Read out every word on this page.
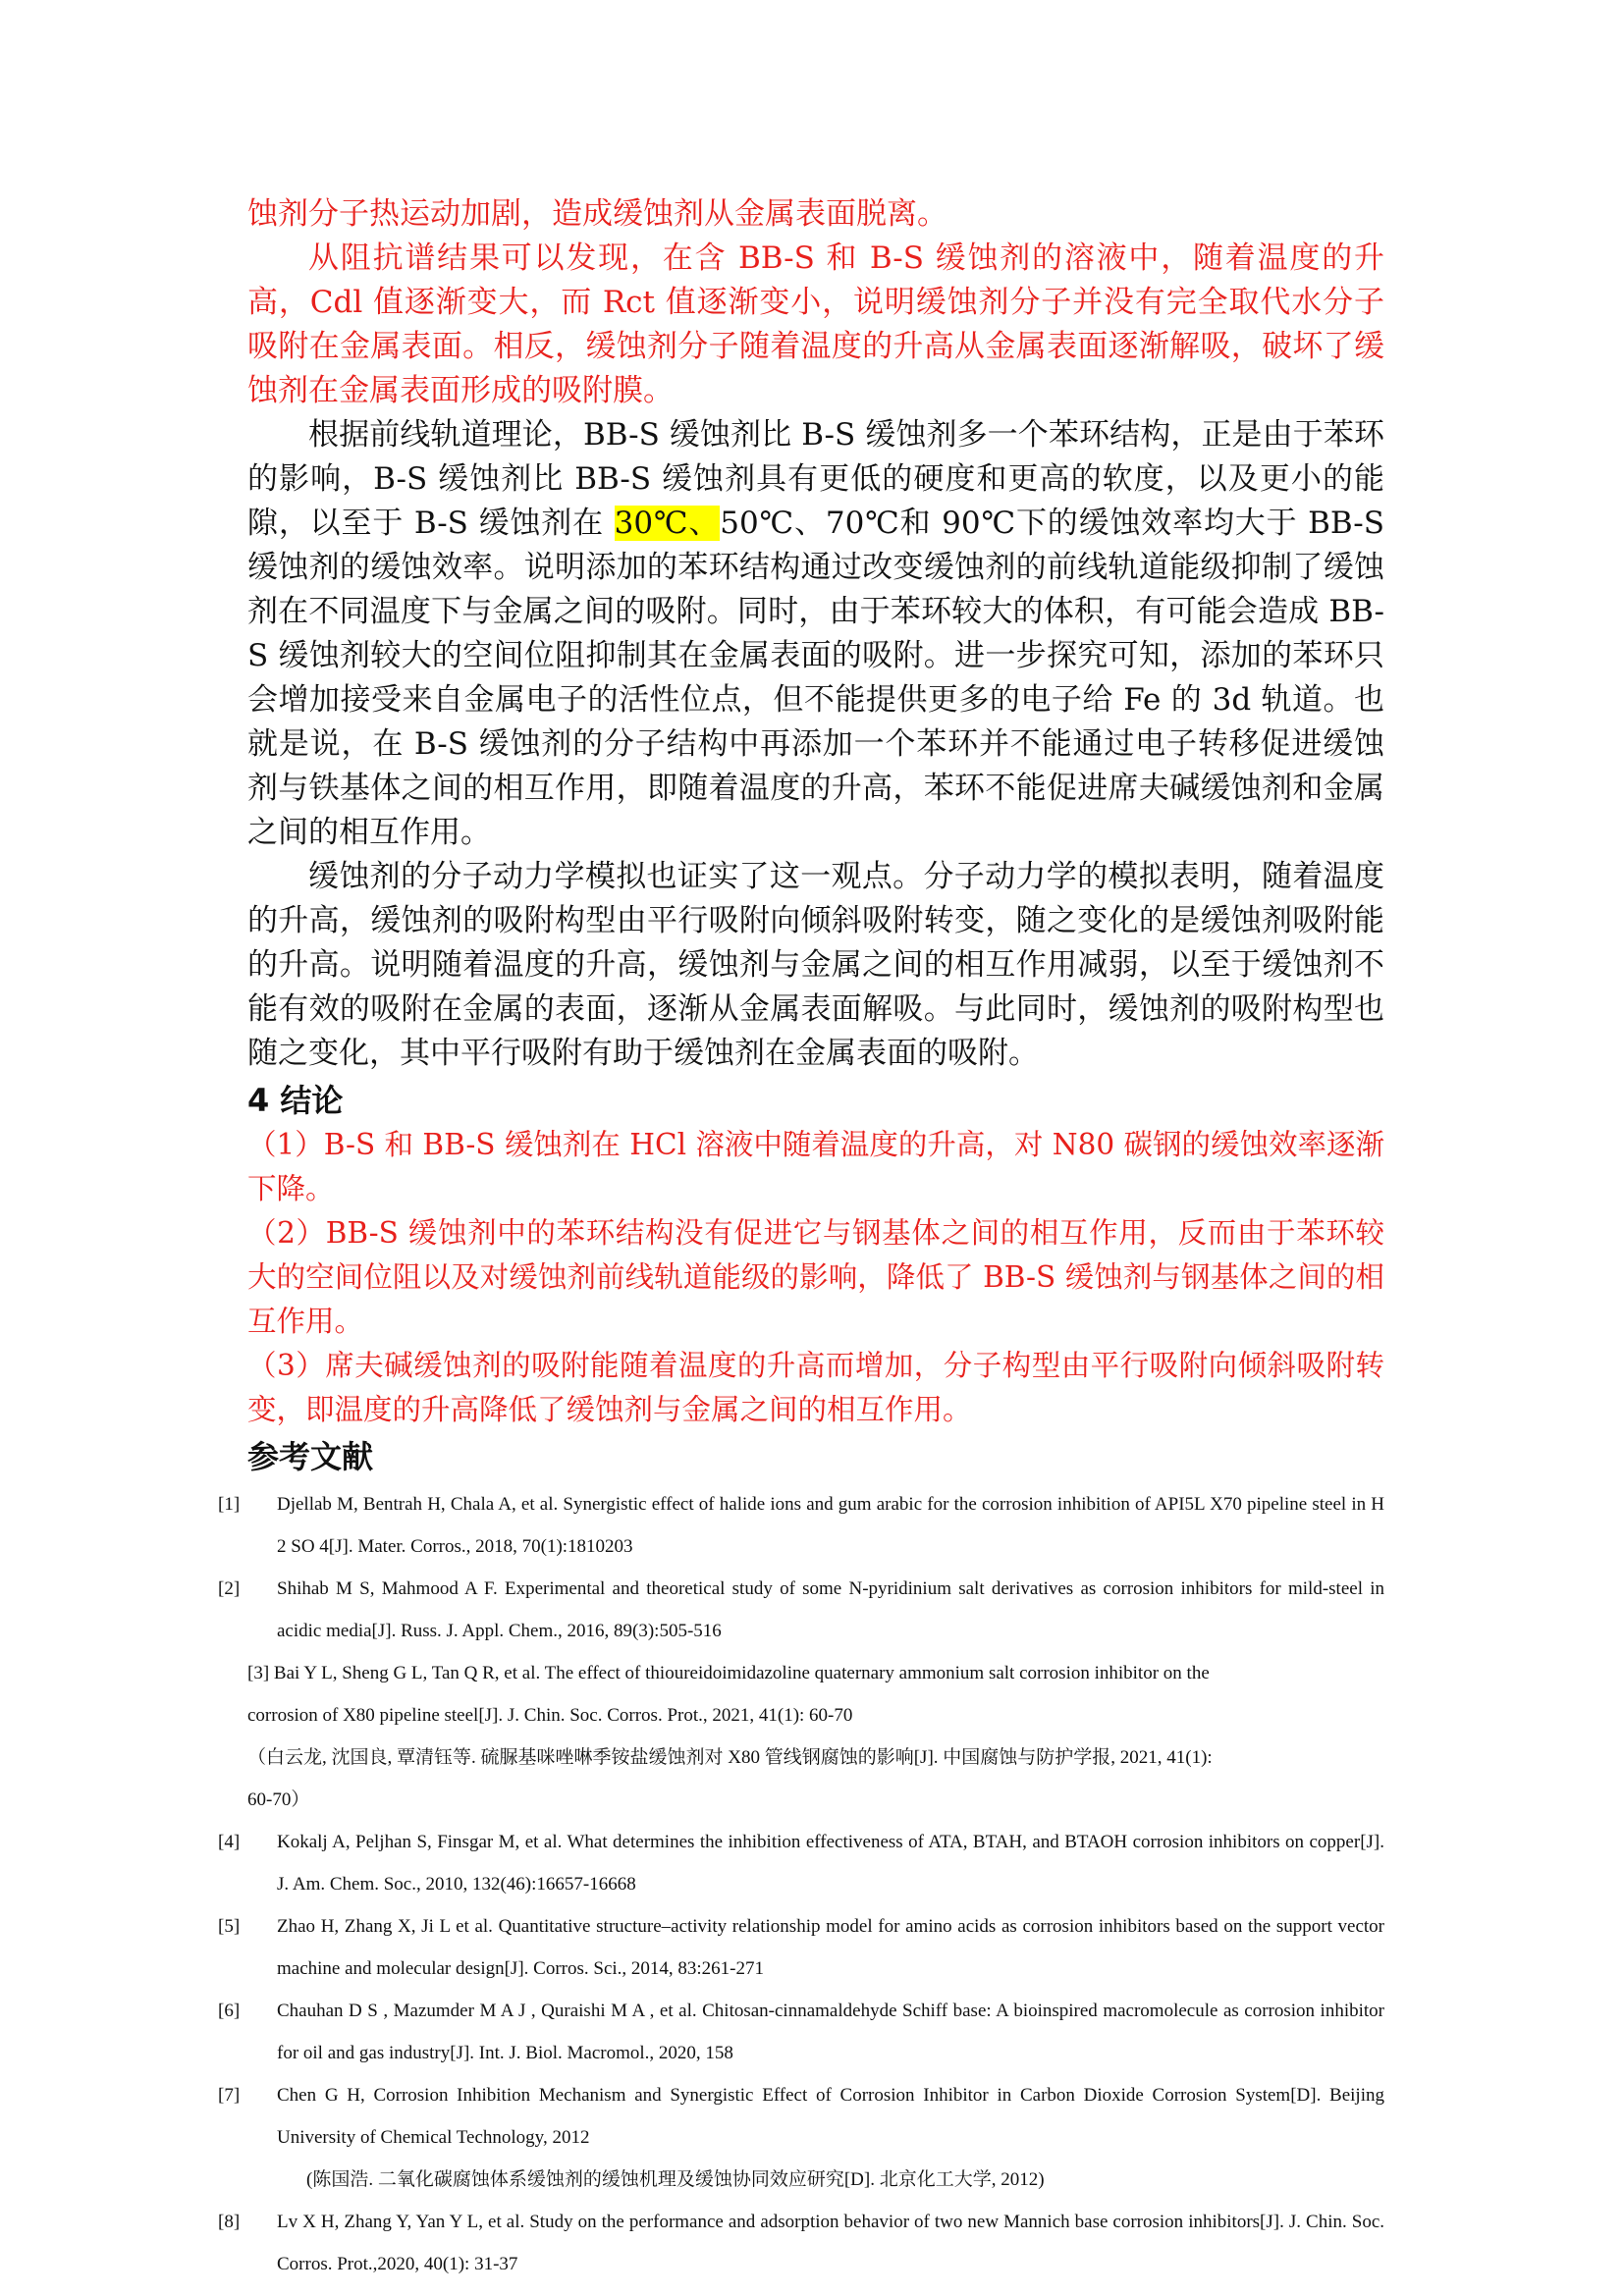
蚀剂分子热运动加剧，造成缓蚀剂从金属表面脱离。

从阻抗谱结果可以发现，在含 BB-S 和 B-S 缓蚀剂的溶液中，随着温度的升高，Cdl 值逐渐变大，而 Rct 值逐渐变小，说明缓蚀剂分子并没有完全取代水分子吸附在金属表面。相反，缓蚀剂分子随着温度的升高从金属表面逐渐解吸，破坏了缓蚀剂在金属表面形成的吸附膜。

根据前线轨道理论，BB-S 缓蚀剂比 B-S 缓蚀剂多一个苯环结构，正是由于苯环的影响，B-S 缓蚀剂比 BB-S 缓蚀剂具有更低的硬度和更高的软度，以及更小的能隙，以至于 B-S 缓蚀剂在 30℃、50℃、70℃和 90℃下的缓蚀效率均大于 BB-S 缓蚀剂的缓蚀效率。说明添加的苯环结构通过改变缓蚀剂的前线轨道能级抑制了缓蚀剂在不同温度下与金属之间的吸附。同时，由于苯环较大的体积，有可能会造成 BB-S 缓蚀剂较大的空间位阻抑制其在金属表面的吸附。进一步探究可知，添加的苯环只会增加接受来自金属电子的活性位点，但不能提供更多的电子给 Fe 的 3d 轨道。也就是说，在 B-S 缓蚀剂的分子结构中再添加一个苯环并不能通过电子转移促进缓蚀剂与铁基体之间的相互作用，即随着温度的升高，苯环不能促进席夫碱缓蚀剂和金属之间的相互作用。

缓蚀剂的分子动力学模拟也证实了这一观点。分子动力学的模拟表明，随着温度的升高，缓蚀剂的吸附构型由平行吸附向倾斜吸附转变，随之变化的是缓蚀剂吸附能的升高。说明随着温度的升高，缓蚀剂与金属之间的相互作用减弱，以至于缓蚀剂不能有效的吸附在金属的表面，逐渐从金属表面解吸。与此同时，缓蚀剂的吸附构型也随之变化，其中平行吸附有助于缓蚀剂在金属表面的吸附。

4 结论

（1）B-S 和 BB-S 缓蚀剂在 HCl 溶液中随着温度的升高，对 N80 碳钢的缓蚀效率逐渐下降。

（2）BB-S 缓蚀剂中的苯环结构没有促进它与钢基体之间的相互作用，反而由于苯环较大的空间位阻以及对缓蚀剂前线轨道能级的影响，降低了 BB-S 缓蚀剂与钢基体之间的相互作用。

（3）席夫碱缓蚀剂的吸附能随着温度的升高而增加，分子构型由平行吸附向倾斜吸附转变，即温度的升高降低了缓蚀剂与金属之间的相互作用。

参考文献
[1] Djellab M, Bentrah H, Chala A, et al. Synergistic effect of halide ions and gum arabic for the corrosion inhibition of API5L X70 pipeline steel in H 2 SO 4[J]. Mater. Corros., 2018, 70(1):1810203
[2] Shihab M S, Mahmood A F. Experimental and theoretical study of some N-pyridinium salt derivatives as corrosion inhibitors for mild-steel in acidic media[J]. Russ. J. Appl. Chem., 2016, 89(3):505-516
[3] Bai Y L, Sheng G L, Tan Q R, et al. The effect of thioureidoimidazoline quaternary ammonium salt corrosion inhibitor on the
corrosion of X80 pipeline steel[J]. J. Chin. Soc. Corros. Prot., 2021, 41(1): 60-70
（白云龙, 沈国良, 覃清钰等. 硫脲基咪唑啉季铵盐缓蚀剂对 X80 管线钢腐蚀的影响[J]. 中国腐蚀与防护学报, 2021, 41(1):
60-70）
[4] Kokalj A, Peljhan S, Finsgar M, et al. What determines the inhibition effectiveness of ATA, BTAH, and BTAOH corrosion inhibitors on copper[J]. J. Am. Chem. Soc., 2010, 132(46):16657-16668
[5] Zhao H, Zhang X, Ji L et al. Quantitative structure–activity relationship model for amino acids as corrosion inhibitors based on the support vector machine and molecular design[J]. Corros. Sci., 2014, 83:261-271
[6] Chauhan D S , Mazumder M A J , Quraishi M A , et al. Chitosan-cinnamaldehyde Schiff base: A bioinspired macromolecule as corrosion inhibitor for oil and gas industry[J]. Int. J. Biol. Macromol., 2020, 158
[7] Chen G H, Corrosion Inhibition Mechanism and Synergistic Effect of Corrosion Inhibitor in Carbon Dioxide Corrosion System[D]. Beijing University of Chemical Technology, 2012
(陈国浩. 二氧化碳腐蚀体系缓蚀剂的缓蚀机理及缓蚀协同效应研究[D]. 北京化工大学, 2012)
[8] Lv X H, Zhang Y, Yan Y L, et al. Study on the performance and adsorption behavior of two new Mannich base corrosion inhibitors[J]. J. Chin. Soc. Corros. Prot.,2020, 40(1): 31-37
